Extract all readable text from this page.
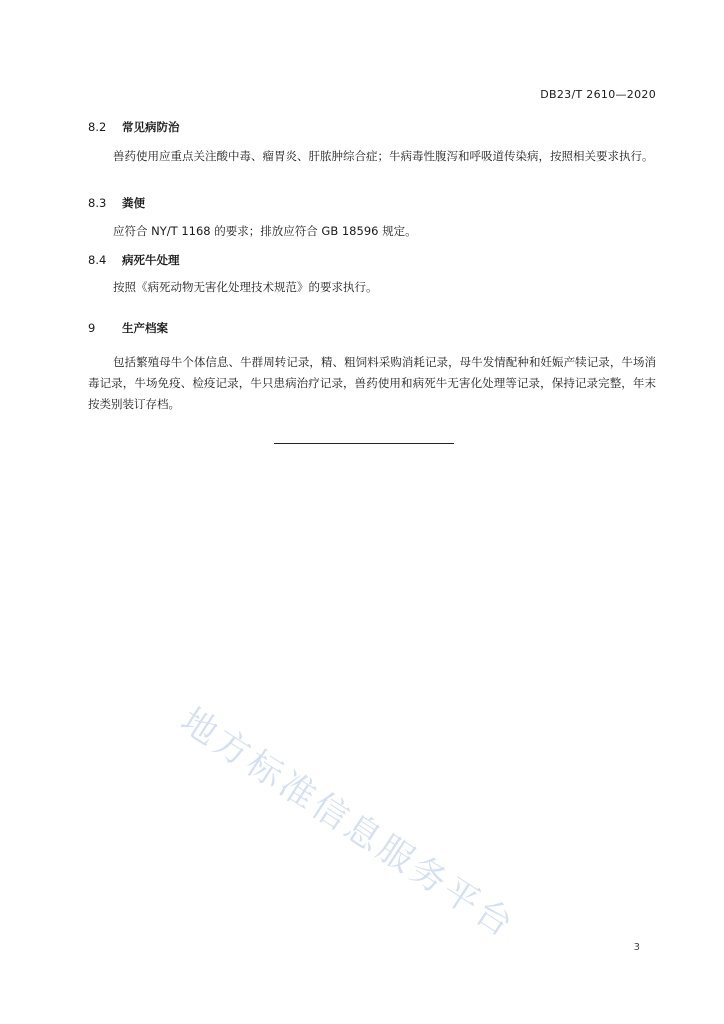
DB23/T 2610—2020
8.2 常见病防治
兽药使用应重点关注酸中毒、瘤胃炎、肝脓肿综合症；牛病毒性腹泻和呼吸道传染病，按照相关要求执行。
8.3 粪便
应符合 NY/T 1168 的要求；排放应符合 GB 18596 规定。
8.4 病死牛处理
按照《病死动物无害化处理技术规范》的要求执行。
9 生产档案
包括繁殖母牛个体信息、牛群周转记录，精、粗饲料采购消耗记录，母牛发情配种和妊娠产犊记录，牛场消毒记录，牛场免疫、检疫记录，牛只患病治疗记录，兽药使用和病死牛无害化处理等记录，保持记录完整，年末按类别装订存档。
地方标准信息服务平台
3
